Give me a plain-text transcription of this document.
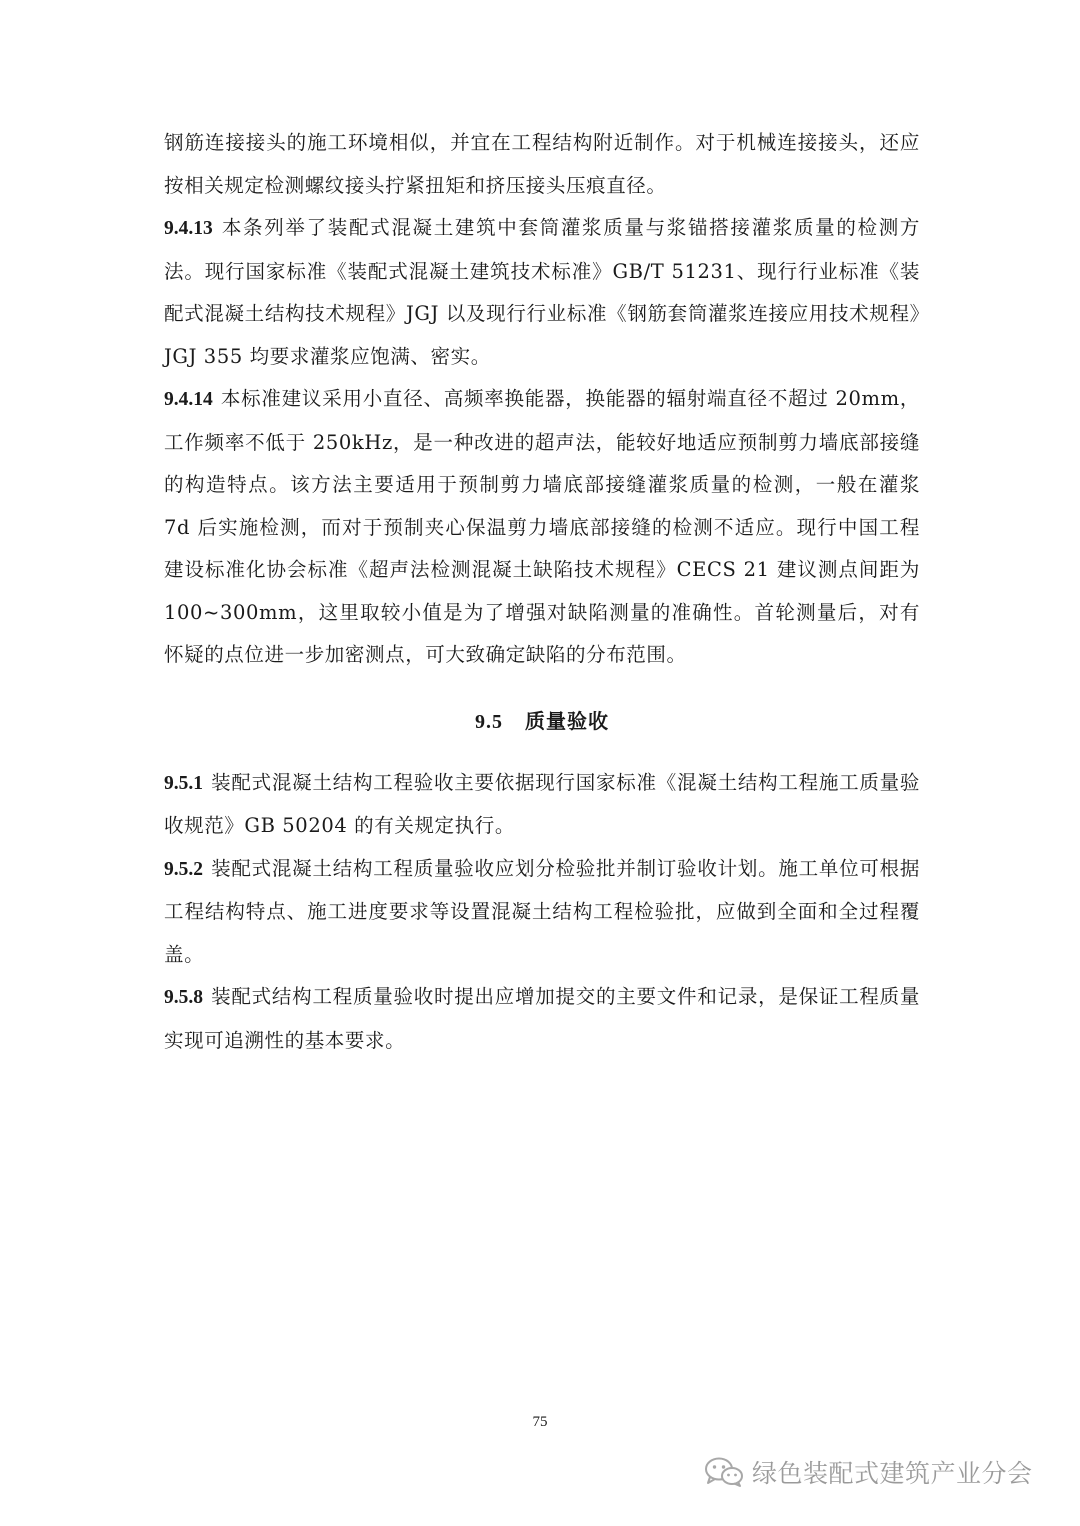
钢筋连接接头的施工环境相似，并宜在工程结构附近制作。对于机械连接接头，还应按相关规定检测螺纹接头拧紧扭矩和挤压接头压痕直径。

9.4.13 本条列举了装配式混凝土建筑中套筒灌浆质量与浆锚搭接灌浆质量的检测方法。现行国家标准《装配式混凝土建筑技术标准》GB/T 51231、现行行业标准《装配式混凝土结构技术规程》JGJ 以及现行行业标准《钢筋套筒灌浆连接应用技术规程》JGJ 355 均要求灌浆应饱满、密实。

9.4.14 本标准建议采用小直径、高频率换能器，换能器的辐射端直径不超过 20mm，工作频率不低于 250kHz，是一种改进的超声法，能较好地适应预制剪力墙底部接缝的构造特点。该方法主要适用于预制剪力墙底部接缝灌浆质量的检测，一般在灌浆 7d 后实施检测，而对于预制夹心保温剪力墙底部接缝的检测不适应。现行中国工程建设标准化协会标准《超声法检测混凝土缺陷技术规程》CECS 21 建议测点间距为 100~300mm，这里取较小值是为了增强对缺陷测量的准确性。首轮测量后，对有怀疑的点位进一步加密测点，可大致确定缺陷的分布范围。

9.5 质量验收

9.5.1 装配式混凝土结构工程验收主要依据现行国家标准《混凝土结构工程施工质量验收规范》GB 50204 的有关规定执行。

9.5.2 装配式混凝土结构工程质量验收应划分检验批并制订验收计划。施工单位可根据工程结构特点、施工进度要求等设置混凝土结构工程检验批，应做到全面和全过程覆盖。

9.5.8 装配式结构工程质量验收时提出应增加提交的主要文件和记录，是保证工程质量实现可追溯性的基本要求。

75
绿色装配式建筑产业分会
